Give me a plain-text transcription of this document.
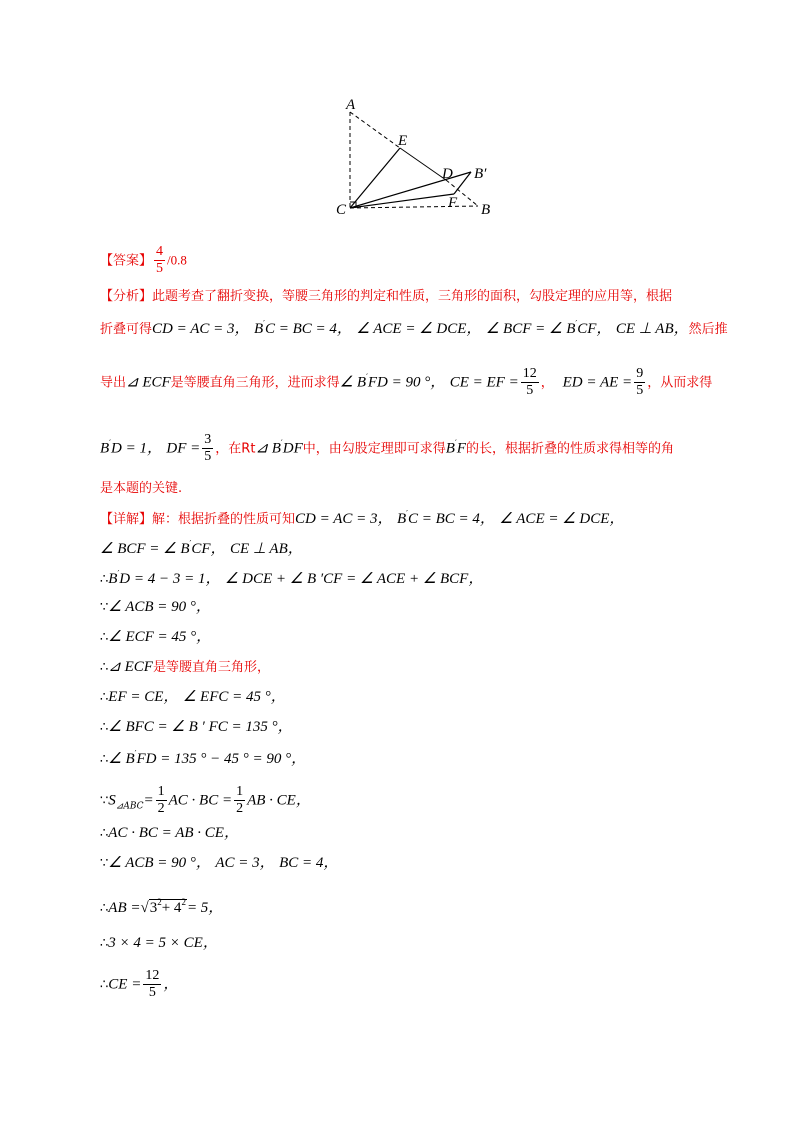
A
E
D B′
C	F B
【答案】 $\frac{4}{5} /0.8$
【分析】此题考查了翻折变换，等腰三角形的判定和性质，三角形的面积，勾股定理的应用等，根据
折叠可得CD = AC = 3， B′C = BC = 4， ∠ ACE = ∠ DCE， ∠ BCF = ∠ B′CF， CE ⊥ AB，然后推
导出⊿ ECF是等腰直角三角形，进而求得∠ B′FD = 90 °， CE = EF = $\frac{12}{5}$ ， ED = AE = $\frac{9}{5}$ ，从而求得
B′D = 1， DF = $\frac{3}{5}$ ，在Rt⊿ B′DF中，由勾股定理即可求得B′F的长，根据折叠的性质求得相等的角
是本题的关键.
【详解】解：根据折叠的性质可知CD = AC = 3， B′C = BC = 4， ∠ ACE = ∠ DCE，
∠ BCF = ∠ B′CF， CE ⊥ AB，
∴B′D = 4 − 3 = 1， ∠ DCE + ∠ B ′CF = ∠ ACE + ∠ BCF，
∵∠ ACB = 90 °，
∴∠ ECF = 45 °，
∴⊿ ECF是等腰直角三角形，
∴EF = CE， ∠ EFC = 45 °，
∴∠ BFC = ∠ B ′ FC = 135 °，
∴∠ B′FD = 135 ° − 45 ° = 90 °，
$\because S_{⊿ABC}= \frac{1}{2}$ AC · BC = $\frac{1}{2}$ AB · CE，
∴AC · BC = AB · CE，
∵∠ ACB = 90 °， AC = 3， BC = 4，
∴AB $=√3^2+ 4^2= 5$，
∴3 × 4 = 5 × CE，
∴CE = $\frac{12}{5}$ ，
